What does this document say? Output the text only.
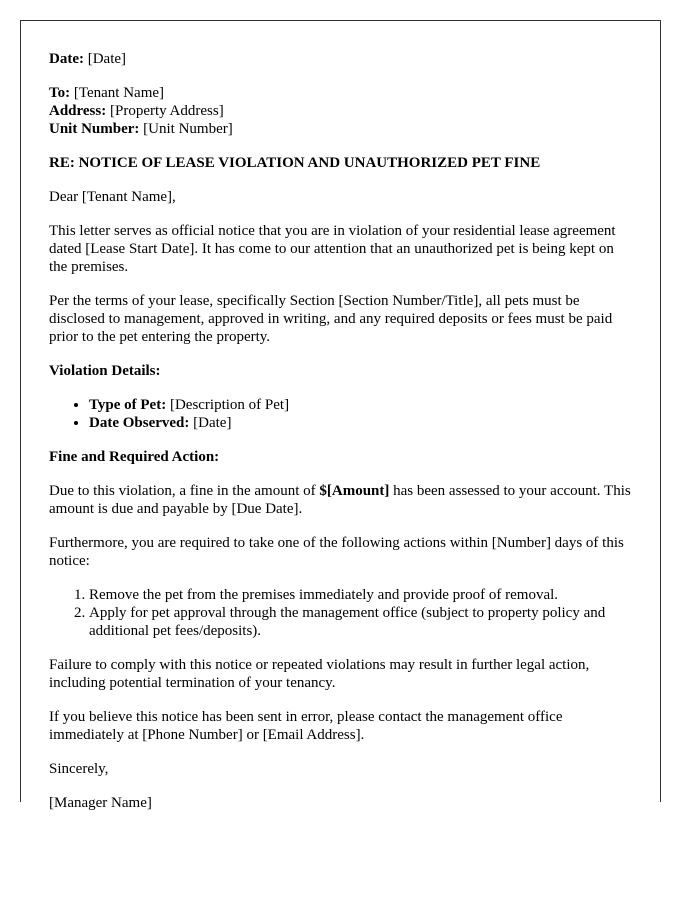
Date: [Date]

To: [Tenant Name]
Address: [Property Address]
Unit Number: [Unit Number]

RE: NOTICE OF LEASE VIOLATION AND UNAUTHORIZED PET FINE

Dear [Tenant Name],

This letter serves as official notice that you are in violation of your residential lease agreement dated [Lease Start Date]. It has come to our attention that an unauthorized pet is being kept on the premises.

Per the terms of your lease, specifically Section [Section Number/Title], all pets must be disclosed to management, approved in writing, and any required deposits or fees must be paid prior to the pet entering the property.

Violation Details:

• Type of Pet: [Description of Pet]
• Date Observed: [Date]

Fine and Required Action:

Due to this violation, a fine in the amount of $[Amount] has been assessed to your account. This amount is due and payable by [Due Date].

Furthermore, you are required to take one of the following actions within [Number] days of this notice:

1. Remove the pet from the premises immediately and provide proof of removal.
2. Apply for pet approval through the management office (subject to property policy and additional pet fees/deposits).

Failure to comply with this notice or repeated violations may result in further legal action, including potential termination of your tenancy.

If you believe this notice has been sent in error, please contact the management office immediately at [Phone Number] or [Email Address].

Sincerely,

[Manager Name]
